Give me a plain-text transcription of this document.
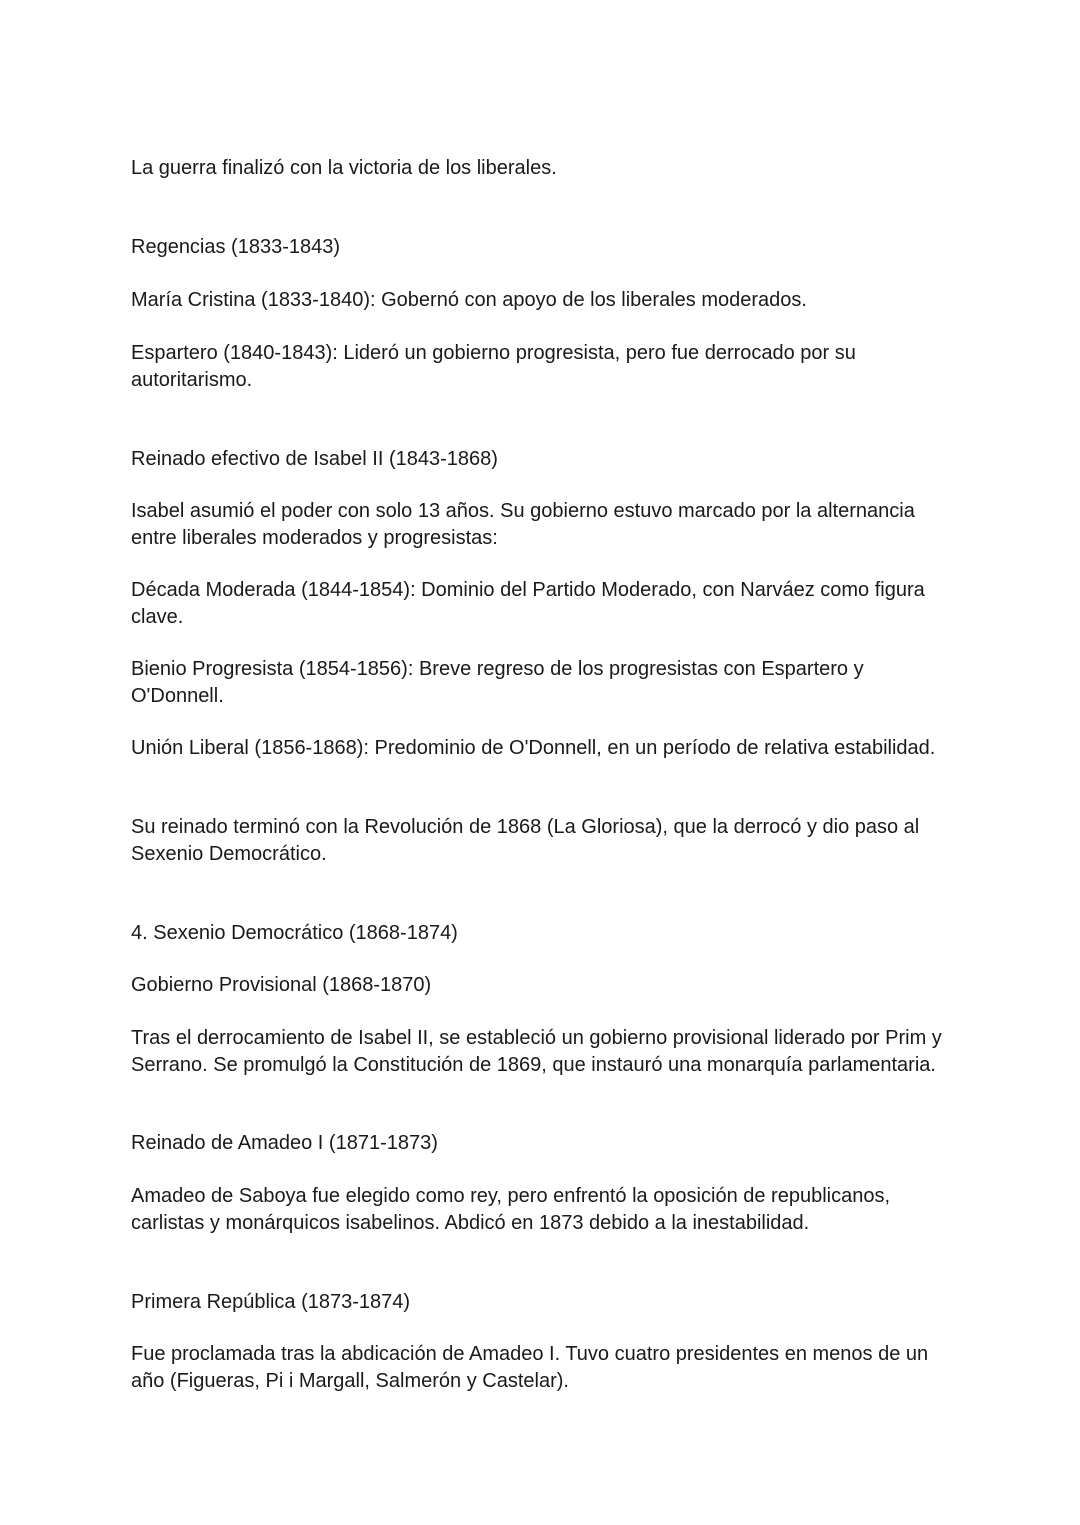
La guerra finalizó con la victoria de los liberales.

Regencias (1833-1843)

María Cristina (1833-1840): Gobernó con apoyo de los liberales moderados.

Espartero (1840-1843): Lideró un gobierno progresista, pero fue derrocado por su autoritarismo.

Reinado efectivo de Isabel II (1843-1868)

Isabel asumió el poder con solo 13 años. Su gobierno estuvo marcado por la alternancia entre liberales moderados y progresistas:

Década Moderada (1844-1854): Dominio del Partido Moderado, con Narváez como figura clave.

Bienio Progresista (1854-1856): Breve regreso de los progresistas con Espartero y O'Donnell.

Unión Liberal (1856-1868): Predominio de O'Donnell, en un período de relativa estabilidad.

Su reinado terminó con la Revolución de 1868 (La Gloriosa), que la derrocó y dio paso al Sexenio Democrático.

4. Sexenio Democrático (1868-1874)

Gobierno Provisional (1868-1870)

Tras el derrocamiento de Isabel II, se estableció un gobierno provisional liderado por Prim y Serrano. Se promulgó la Constitución de 1869, que instauró una monarquía parlamentaria.

Reinado de Amadeo I (1871-1873)

Amadeo de Saboya fue elegido como rey, pero enfrentó la oposición de republicanos, carlistas y monárquicos isabelinos. Abdicó en 1873 debido a la inestabilidad.

Primera República (1873-1874)

Fue proclamada tras la abdicación de Amadeo I. Tuvo cuatro presidentes en menos de un año (Figueras, Pi i Margall, Salmerón y Castelar).
